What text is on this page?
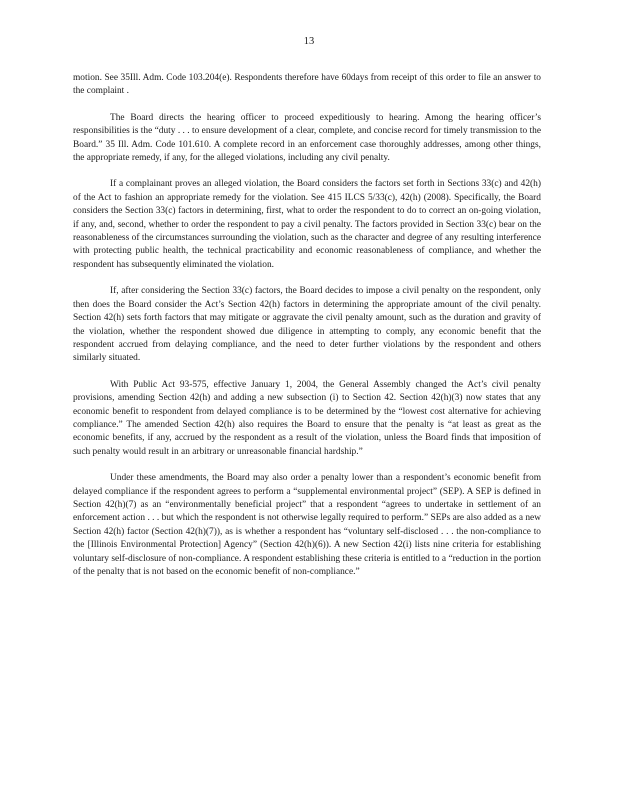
13

motion. See 35Ill. Adm. Code 103.204(e). Respondents therefore have 60days from receipt of this order to file an answer to the complaint .

The Board directs the hearing officer to proceed expeditiously to hearing. Among the hearing officer’s responsibilities is the “duty . . . to ensure development of a clear, complete, and concise record for timely transmission to the Board.” 35 Ill. Adm. Code 101.610. A complete record in an enforcement case thoroughly addresses, among other things, the appropriate remedy, if any, for the alleged violations, including any civil penalty.

If a complainant proves an alleged violation, the Board considers the factors set forth in Sections 33(c) and 42(h) of the Act to fashion an appropriate remedy for the violation. See 415 ILCS 5/33(c), 42(h) (2008). Specifically, the Board considers the Section 33(c) factors in determining, first, what to order the respondent to do to correct an on-going violation, if any, and, second, whether to order the respondent to pay a civil penalty. The factors provided in Section 33(c) bear on the reasonableness of the circumstances surrounding the violation, such as the character and degree of any resulting interference with protecting public health, the technical practicability and economic reasonableness of compliance, and whether the respondent has subsequently eliminated the violation.

If, after considering the Section 33(c) factors, the Board decides to impose a civil penalty on the respondent, only then does the Board consider the Act’s Section 42(h) factors in determining the appropriate amount of the civil penalty. Section 42(h) sets forth factors that may mitigate or aggravate the civil penalty amount, such as the duration and gravity of the violation, whether the respondent showed due diligence in attempting to comply, any economic benefit that the respondent accrued from delaying compliance, and the need to deter further violations by the respondent and others similarly situated.

With Public Act 93-575, effective January 1, 2004, the General Assembly changed the Act’s civil penalty provisions, amending Section 42(h) and adding a new subsection (i) to Section 42. Section 42(h)(3) now states that any economic benefit to respondent from delayed compliance is to be determined by the “lowest cost alternative for achieving compliance.” The amended Section 42(h) also requires the Board to ensure that the penalty is “at least as great as the economic benefits, if any, accrued by the respondent as a result of the violation, unless the Board finds that imposition of such penalty would result in an arbitrary or unreasonable financial hardship.”

Under these amendments, the Board may also order a penalty lower than a respondent’s economic benefit from delayed compliance if the respondent agrees to perform a “supplemental environmental project” (SEP). A SEP is defined in Section 42(h)(7) as an “environmentally beneficial project” that a respondent “agrees to undertake in settlement of an enforcement action . . . but which the respondent is not otherwise legally required to perform.” SEPs are also added as a new Section 42(h) factor (Section 42(h)(7)), as is whether a respondent has “voluntary self-disclosed . . . the non-compliance to the [Illinois Environmental Protection] Agency” (Section 42(h)(6)). A new Section 42(i) lists nine criteria for establishing voluntary self-disclosure of non-compliance. A respondent establishing these criteria is entitled to a “reduction in the portion of the penalty that is not based on the economic benefit of non-compliance.”
